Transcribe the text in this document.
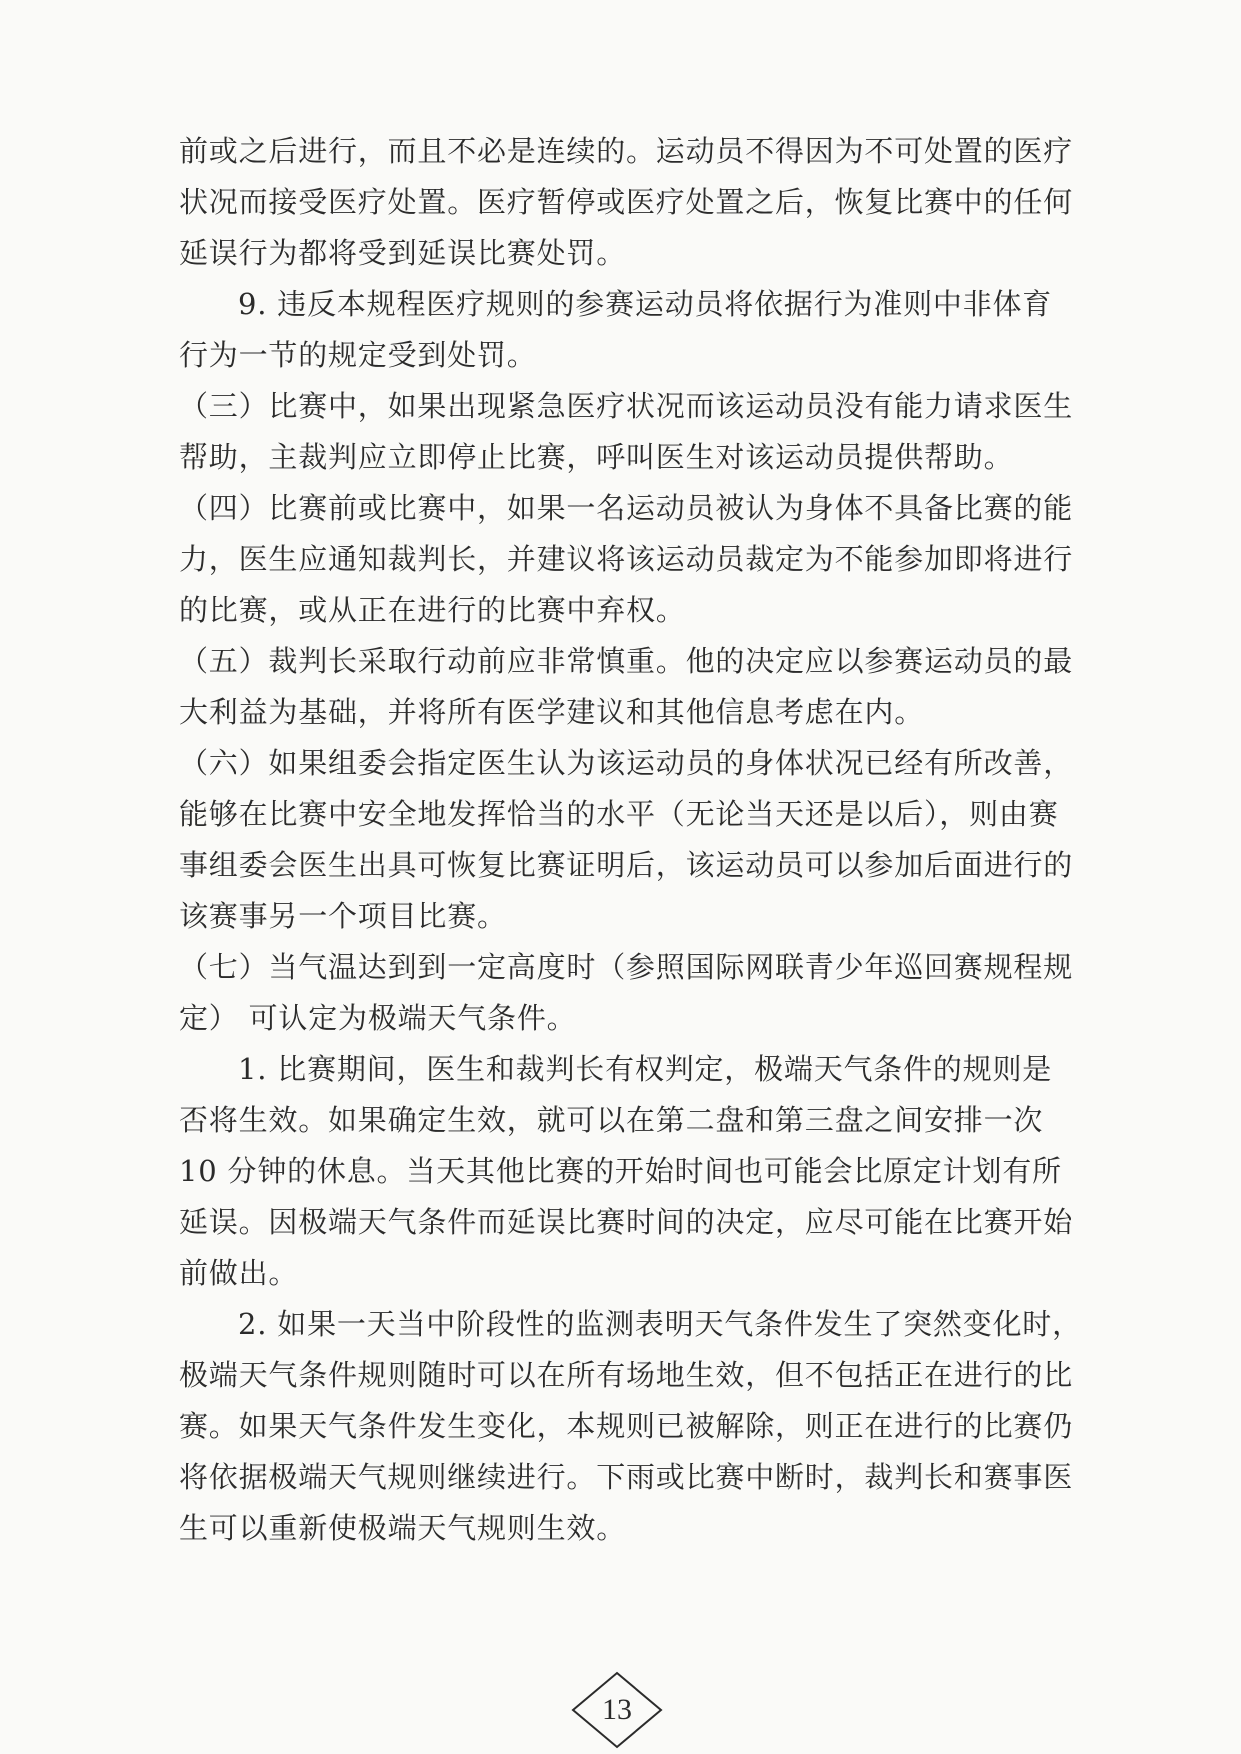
前或之后进行，而且不必是连续的。运动员不得因为不可处置的医疗
状况而接受医疗处置。医疗暂停或医疗处置之后，恢复比赛中的任何
延误行为都将受到延误比赛处罚。
9. 违反本规程医疗规则的参赛运动员将依据行为准则中非体育
行为一节的规定受到处罚。
（三）比赛中，如果出现紧急医疗状况而该运动员没有能力请求医生
帮助，主裁判应立即停止比赛，呼叫医生对该运动员提供帮助。
（四）比赛前或比赛中，如果一名运动员被认为身体不具备比赛的能
力，医生应通知裁判长，并建议将该运动员裁定为不能参加即将进行
的比赛，或从正在进行的比赛中弃权。
（五）裁判长采取行动前应非常慎重。他的决定应以参赛运动员的最
大利益为基础，并将所有医学建议和其他信息考虑在内。
（六）如果组委会指定医生认为该运动员的身体状况已经有所改善，
能够在比赛中安全地发挥恰当的水平（无论当天还是以后），则由赛
事组委会医生出具可恢复比赛证明后，该运动员可以参加后面进行的
该赛事另一个项目比赛。
（七）当气温达到到一定高度时（参照国际网联青少年巡回赛规程规
定） 可认定为极端天气条件。
1. 比赛期间，医生和裁判长有权判定，极端天气条件的规则是
否将生效。如果确定生效，就可以在第二盘和第三盘之间安排一次
10 分钟的休息。当天其他比赛的开始时间也可能会比原定计划有所
延误。因极端天气条件而延误比赛时间的决定，应尽可能在比赛开始
前做出。
2. 如果一天当中阶段性的监测表明天气条件发生了突然变化时，
极端天气条件规则随时可以在所有场地生效，但不包括正在进行的比
赛。如果天气条件发生变化，本规则已被解除，则正在进行的比赛仍
将依据极端天气规则继续进行。下雨或比赛中断时，裁判长和赛事医
生可以重新使极端天气规则生效。
13
